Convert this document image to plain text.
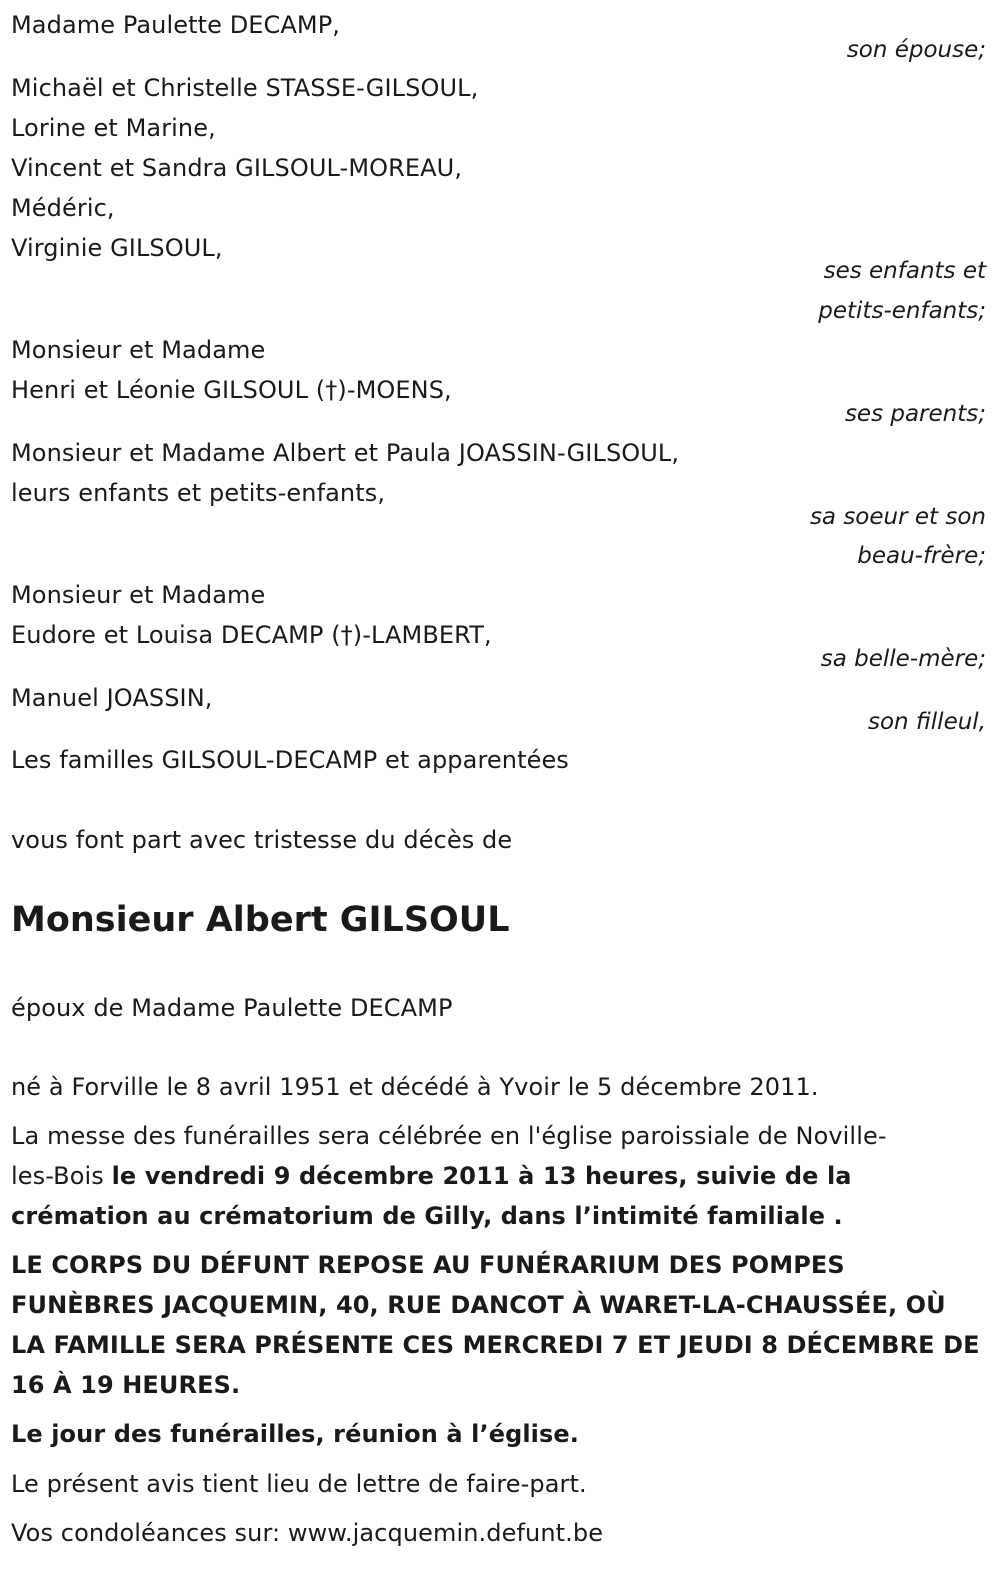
Madame Paulette DECAMP,
son épouse;
Michaël et Christelle STASSE-GILSOUL,
Lorine et Marine,
Vincent et Sandra GILSOUL-MOREAU,
Médéric,
Virginie GILSOUL,
ses enfants et
petits-enfants;
Monsieur et Madame
Henri et Léonie GILSOUL (†)-MOENS,
ses parents;
Monsieur et Madame Albert et Paula JOASSIN-GILSOUL,
leurs enfants et petits-enfants,
sa soeur et son
beau-frère;
Monsieur et Madame
Eudore et Louisa DECAMP (†)-LAMBERT,
sa belle-mère;
Manuel JOASSIN,
son filleul,
Les familles GILSOUL-DECAMP et apparentées
vous font part avec tristesse du décès de
Monsieur Albert GILSOUL
époux de Madame Paulette DECAMP
né à Forville le 8 avril 1951 et décédé à Yvoir le 5 décembre 2011.
La messe des funérailles sera célébrée en l'église paroissiale de Noville-
les-Bois le vendredi 9 décembre 2011 à 13 heures, suivie de la
crémation au crématorium de Gilly, dans l’intimité familiale .
LE CORPS DU DÉFUNT REPOSE AU FUNÉRARIUM DES POMPES
FUNÈBRES JACQUEMIN, 40, RUE DANCOT À WARET-LA-CHAUSSÉE, OÙ
LA FAMILLE SERA PRÉSENTE CES MERCREDI 7 ET JEUDI 8 DÉCEMBRE DE
16 À 19 HEURES.
Le jour des funérailles, réunion à l’église.
Le présent avis tient lieu de lettre de faire-part.
Vos condoléances sur: www.jacquemin.defunt.be
